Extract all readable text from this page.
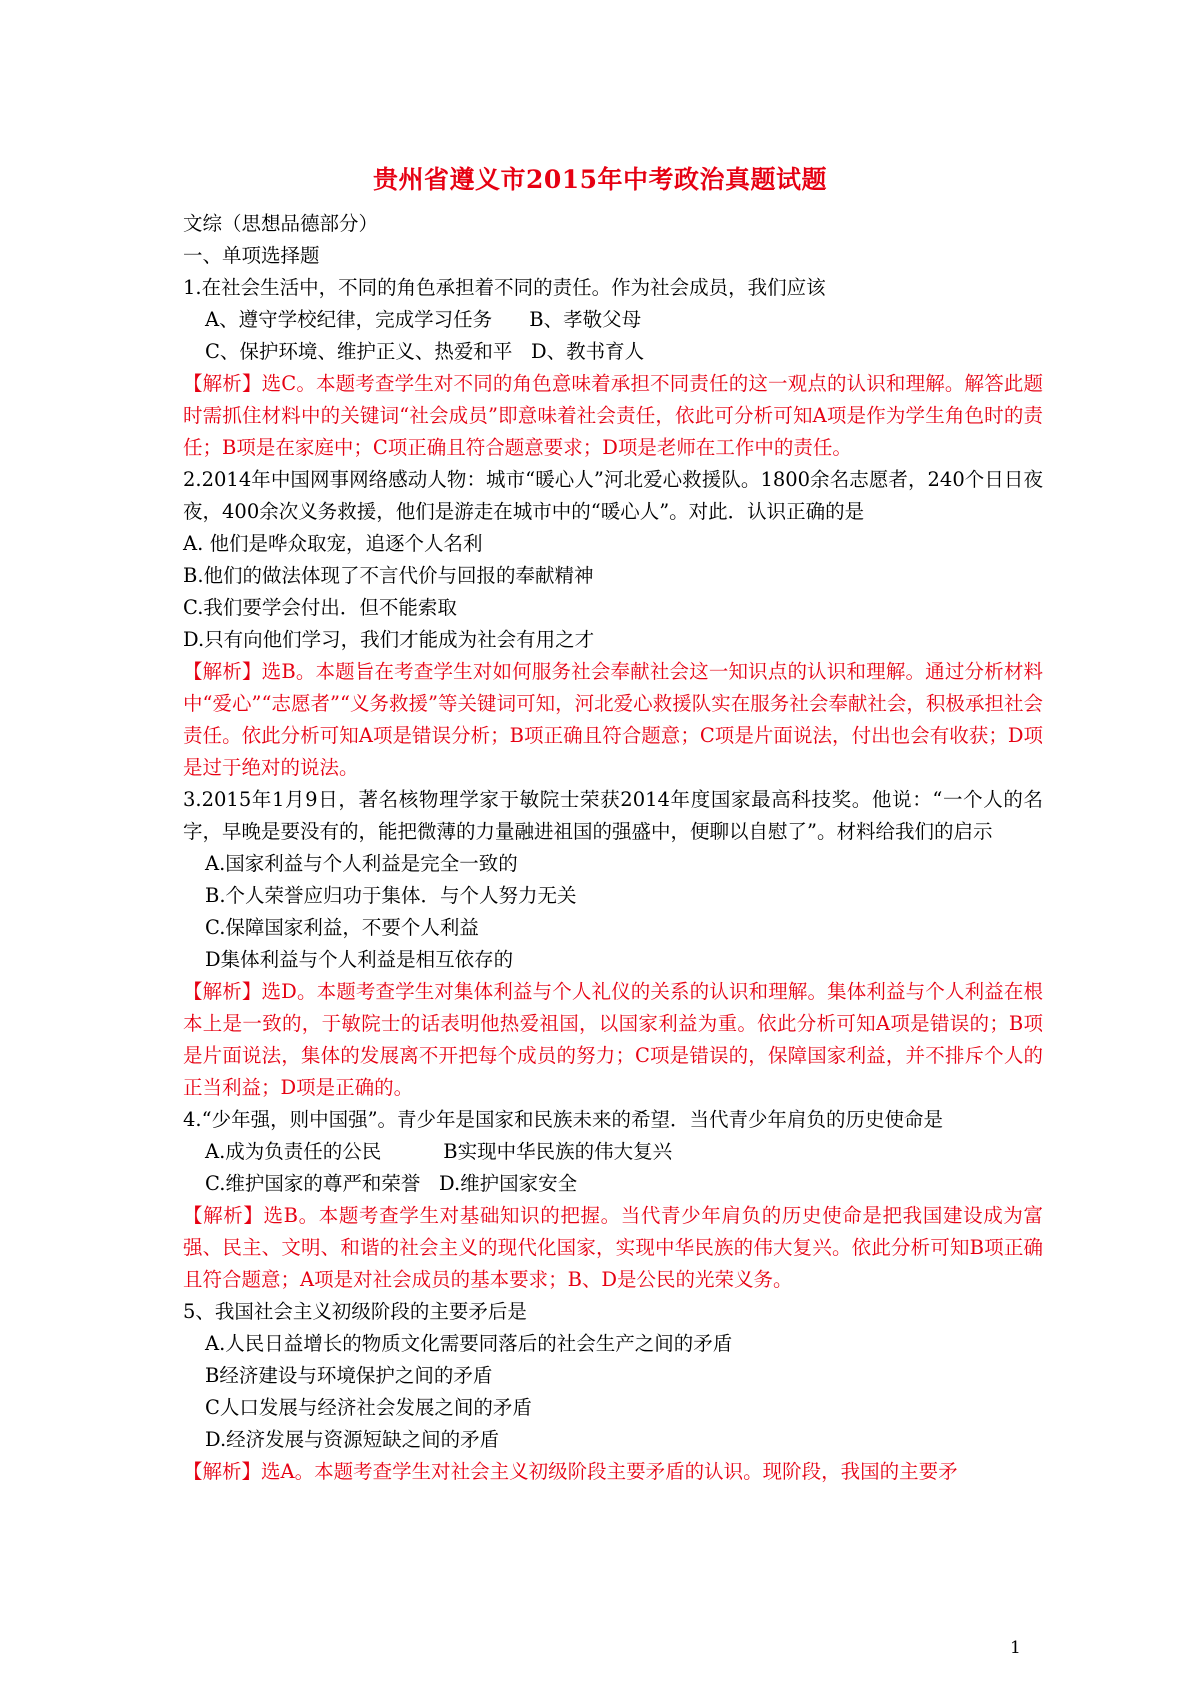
贵州省遵义市2015年中考政治真题试题
文综（思想品德部分）
一、单项选择题
1.在社会生活中，不同的角色承担着不同的责任。作为社会成员，我们应该
A、遵守学校纪律，完成学习任务      B、孝敬父母
C、保护环境、维护正义、热爱和平   D、教书育人
【解析】选C。本题考查学生对不同的角色意味着承担不同责任的这一观点的认识和理解。解答此题时需抓住材料中的关键词“社会成员”即意味着社会责任，依此可分析可知A项是作为学生角色时的责任；B项是在家庭中；C项正确且符合题意要求；D项是老师在工作中的责任。
2.2014年中国网事网络感动人物：城市“暖心人”河北爱心救援队。1800余名志愿者，240个日日夜夜，400余次义务救援，他们是游走在城市中的“暖心人”。对此．认识正确的是
A. 他们是哗众取宠，追逐个人名利
B.他们的做法体现了不言代价与回报的奉献精神
C.我们要学会付出．但不能索取
D.只有向他们学习，我们才能成为社会有用之才
【解析】选B。本题旨在考查学生对如何服务社会奉献社会这一知识点的认识和理解。通过分析材料中“爱心”“志愿者”“义务救援”等关键词可知，河北爱心救援队实在服务社会奉献社会，积极承担社会责任。依此分析可知A项是错误分析；B项正确且符合题意；C项是片面说法，付出也会有收获；D项是过于绝对的说法。
3.2015年1月9日，著名核物理学家于敏院士荣获2014年度国家最高科技奖。他说：“一个人的名字，早晚是要没有的，能把微薄的力量融进祖国的强盛中，便聊以自慰了”。材料给我们的启示
A.国家利益与个人利益是完全一致的
B.个人荣誉应归功于集体．与个人努力无关
C.保障国家利益，不要个人利益
D集体利益与个人利益是相互依存的
【解析】选D。本题考查学生对集体利益与个人礼仪的关系的认识和理解。集体利益与个人利益在根本上是一致的，于敏院士的话表明他热爱祖国，以国家利益为重。依此分析可知A项是错误的；B项是片面说法，集体的发展离不开把每个成员的努力；C项是错误的，保障国家利益，并不排斥个人的正当利益；D项是正确的。
4.“少年强，则中国强”。青少年是国家和民族未来的希望．当代青少年肩负的历史使命是
A.成为负责任的公民          B实现中华民族的伟大复兴
C.维护国家的尊严和荣誉   D.维护国家安全
【解析】选B。本题考查学生对基础知识的把握。当代青少年肩负的历史使命是把我国建设成为富强、民主、文明、和谐的社会主义的现代化国家，实现中华民族的伟大复兴。依此分析可知B项正确且符合题意；A项是对社会成员的基本要求；B、D是公民的光荣义务。
5、我国社会主义初级阶段的主要矛后是
A.人民日益增长的物质文化需要同落后的社会生产之间的矛盾
B经济建设与环境保护之间的矛盾
C人口发展与经济社会发展之间的矛盾
D.经济发展与资源短缺之间的矛盾
【解析】选A。本题考查学生对社会主义初级阶段主要矛盾的认识。现阶段，我国的主要矛
1
